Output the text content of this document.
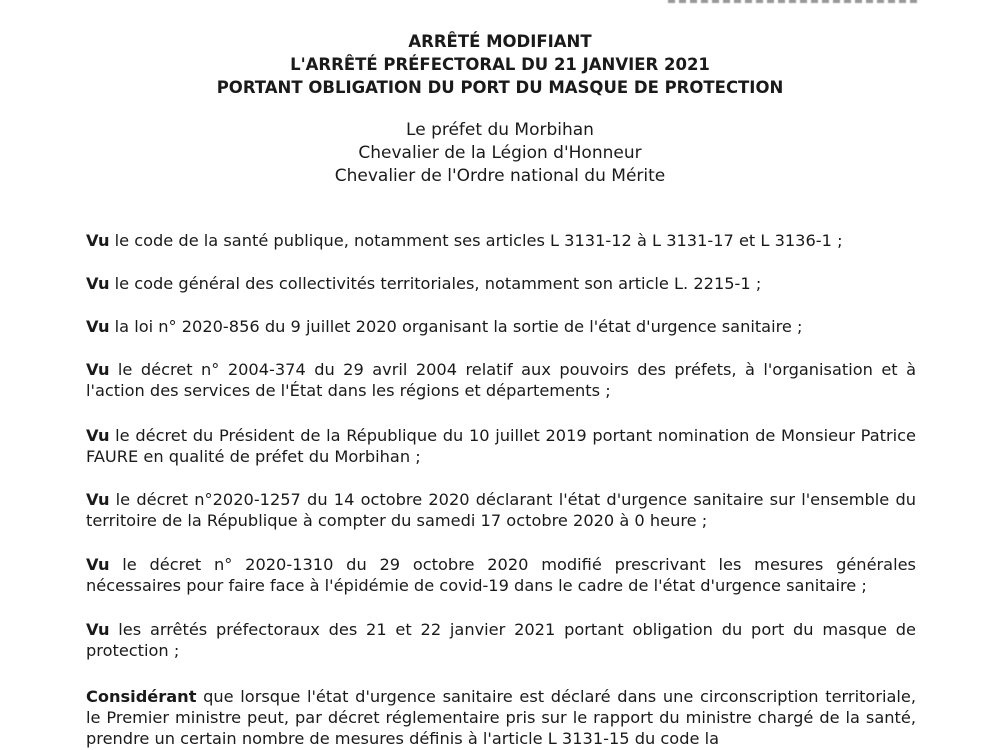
ARRÊTÉ MODIFIANT
L'ARRÊTÉ PRÉFECTORAL DU 21 JANVIER 2021
PORTANT OBLIGATION DU PORT DU MASQUE DE PROTECTION
Le préfet du Morbihan
Chevalier de la Légion d'Honneur
Chevalier de l'Ordre national du Mérite

Vu le code de la santé publique, notamment ses articles L 3131-12 à L 3131-17 et L 3136-1 ;

Vu le code général des collectivités territoriales, notamment son article L. 2215-1 ;

Vu la loi n° 2020-856 du 9 juillet 2020 organisant la sortie de l'état d'urgence sanitaire ;

Vu le décret n° 2004-374 du 29 avril 2004 relatif aux pouvoirs des préfets, à l'organisation et à l'action des services de l'État dans les régions et départements ;

Vu le décret du Président de la République du 10 juillet 2019 portant nomination de Monsieur Patrice FAURE en qualité de préfet du Morbihan ;

Vu le décret n°2020-1257 du 14 octobre 2020 déclarant l'état d'urgence sanitaire sur l'ensemble du territoire de la République à compter du samedi 17 octobre 2020 à 0 heure ;

Vu le décret n° 2020-1310 du 29 octobre 2020 modifié prescrivant les mesures générales nécessaires pour faire face à l'épidémie de covid-19 dans le cadre de l'état d'urgence sanitaire ;

Vu les arrêtés préfectoraux des 21 et 22 janvier 2021 portant obligation du port du masque de protection ;

Considérant que lorsque l'état d'urgence sanitaire est déclaré dans une circonscription territoriale, le Premier ministre peut, par décret réglementaire pris sur le rapport du ministre chargé de la santé, prendre un certain nombre de mesures définis à l'article L 3131-15 du code la
